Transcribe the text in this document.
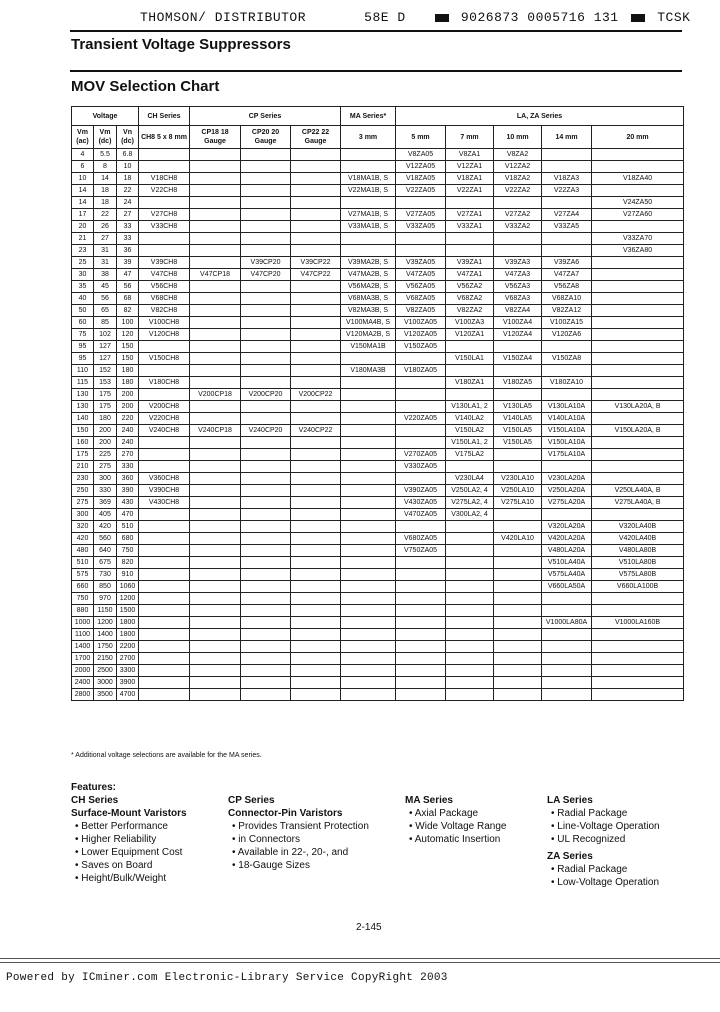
THOMSON/ DISTRIBUTOR	58E D	9026873 0005716 131	TCSK
Transient Voltage Suppressors
MOV Selection Chart
Voltage			CH Series	CP Series			MA Series*	LA, ZA Series				
Vm (ac)	Vm (dc)	Vn (dc)	CH8 5 x 8 mm	CP18 18 Gauge	CP20 20 Gauge	CP22 22 Gauge	3 mm	5 mm	7 mm	10 mm	14 mm	20 mm
4	5.5	6.8						V8ZA05	V8ZA1	V8ZA2		
6	8	10						V12ZA05	V12ZA1	V12ZA2		
10	14	18	V18CH8				V18MA1B, S	V18ZA05	V18ZA1	V18ZA2	V18ZA3	V18ZA40
14	18	22	V22CH8				V22MA1B, S	V22ZA05	V22ZA1	V22ZA2	V22ZA3	
14	18	24										V24ZA50
17	22	27	V27CH8				V27MA1B, S	V27ZA05	V27ZA1	V27ZA2	V27ZA4	V27ZA60
20	26	33	V33CH8				V33MA1B, S	V33ZA05	V33ZA1	V33ZA2	V33ZA5	
21	27	33										V33ZA70
23	31	36										V36ZA80
25	31	39	V39CH8		V39CP20	V39CP22	V39MA2B, S	V39ZA05	V39ZA1	V39ZA3	V39ZA6	
30	38	47	V47CH8	V47CP18	V47CP20	V47CP22	V47MA2B, S	V47ZA05	V47ZA1	V47ZA3	V47ZA7	
35	45	56	V56CH8				V56MA2B, S	V56ZA05	V56ZA2	V56ZA3	V56ZA8	
40	56	68	V68CH8				V68MA3B, S	V68ZA05	V68ZA2	V68ZA3	V68ZA10	
50	65	82	V82CH8				V82MA3B, S	V82ZA05	V82ZA2	V82ZA4	V82ZA12	
60	85	100	V100CH8				V100MA4B, S	V100ZA05	V100ZA3	V100ZA4	V100ZA15	
75	102	120	V120CH8				V120MA2B, S	V120ZA05	V120ZA1	V120ZA4	V120ZA6	
95	127	150					V150MA1B	V150ZA05				
95	127	150	V150CH8						V150LA1	V150ZA4	V150ZA8	
110	152	180					V180MA3B	V180ZA05				
115	153	180	V180CH8						V180ZA1	V180ZA5	V180ZA10	
130	175	200		V200CP18	V200CP20	V200CP22						
130	175	200	V200CH8						V130LA1, 2	V130LA5	V130LA10A	V130LA20A, B
140	180	220	V220CH8					V220ZA05	V140LA2	V140LA5	V140LA10A	
150	200	240	V240CH8	V240CP18	V240CP20	V240CP22			V150LA2	V150LA5	V150LA10A	V150LA20A, B
160	200	240							V150LA1, 2	V150LA5	V150LA10A	
175	225	270						V270ZA05	V175LA2		V175LA10A	
210	275	330						V330ZA05				
230	300	360	V360CH8						V230LA4	V230LA10	V230LA20A	
250	330	390	V390CH8					V390ZA05	V250LA2, 4	V250LA10	V250LA20A	V250LA40A, B
275	369	430	V430CH8					V430ZA05	V275LA2, 4	V275LA10	V275LA20A	V275LA40A, B
300	405	470						V470ZA05	V300LA2, 4			
320	420	510									V320LA20A	V320LA40B
420	560	680						V680ZA05		V420LA10	V420LA20A	V420LA40B
480	640	750						V750ZA05			V480LA20A	V480LA80B
510	675	820									V510LA40A	V510LA80B
575	730	910									V575LA40A	V575LA80B
660	850	1060									V660LA50A	V660LA100B
750	970	1200										
880	1150	1500										
1000	1200	1800									V1000LA80A	V1000LA160B
1100	1400	1800										
1400	1750	2200										
1700	2150	2700										
2000	2500	3300										
2400	3000	3900										
2800	3500	4700										
* Additional voltage selections are available for the MA series.
Features:
CH Series
Surface-Mount Varistors
• Better Performance
• Higher Reliability
• Lower Equipment Cost
• Saves on Board
• Height/Bulk/Weight
CP Series
Connector-Pin Varistors
• Provides Transient Protection
• in Connectors
• Available in 22-, 20-, and
• 18-Gauge Sizes
MA Series
• Axial Package
• Wide Voltage Range
• Automatic Insertion
LA Series
• Radial Package
• Line-Voltage Operation
• UL Recognized
ZA Series
• Radial Package
• Low-Voltage Operation
2-145
Powered by ICminer.com Electronic-Library Service CopyRight 2003
